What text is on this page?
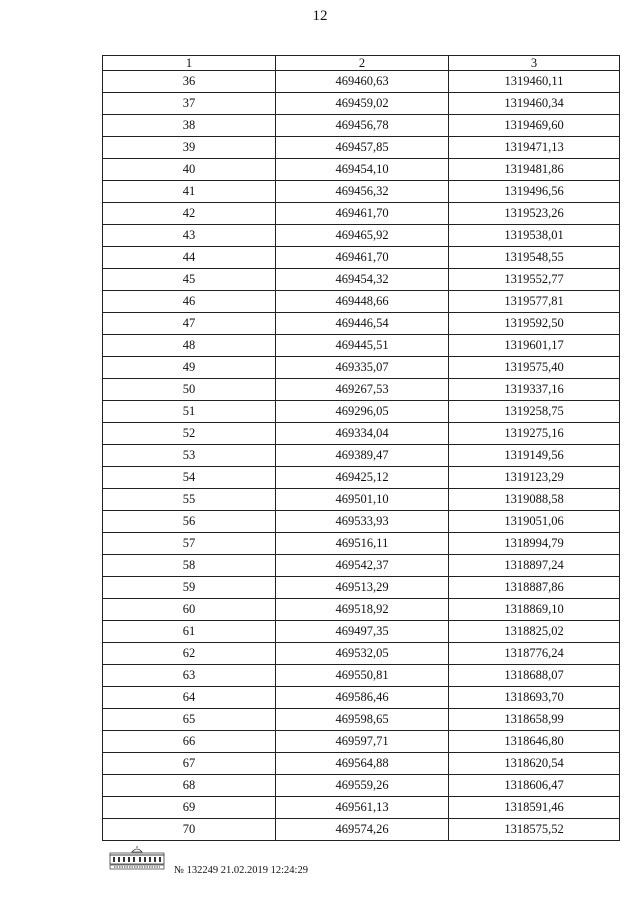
12
1	2	3
36	469460,63	1319460,11
37	469459,02	1319460,34
38	469456,78	1319469,60
39	469457,85	1319471,13
40	469454,10	1319481,86
41	469456,32	1319496,56
42	469461,70	1319523,26
43	469465,92	1319538,01
44	469461,70	1319548,55
45	469454,32	1319552,77
46	469448,66	1319577,81
47	469446,54	1319592,50
48	469445,51	1319601,17
49	469335,07	1319575,40
50	469267,53	1319337,16
51	469296,05	1319258,75
52	469334,04	1319275,16
53	469389,47	1319149,56
54	469425,12	1319123,29
55	469501,10	1319088,58
56	469533,93	1319051,06
57	469516,11	1318994,79
58	469542,37	1318897,24
59	469513,29	1318887,86
60	469518,92	1318869,10
61	469497,35	1318825,02
62	469532,05	1318776,24
63	469550,81	1318688,07
64	469586,46	1318693,70
65	469598,65	1318658,99
66	469597,71	1318646,80
67	469564,88	1318620,54
68	469559,26	1318606,47
69	469561,13	1318591,46
70	469574,26	1318575,52
№ 132249 21.02.2019 12:24:29
